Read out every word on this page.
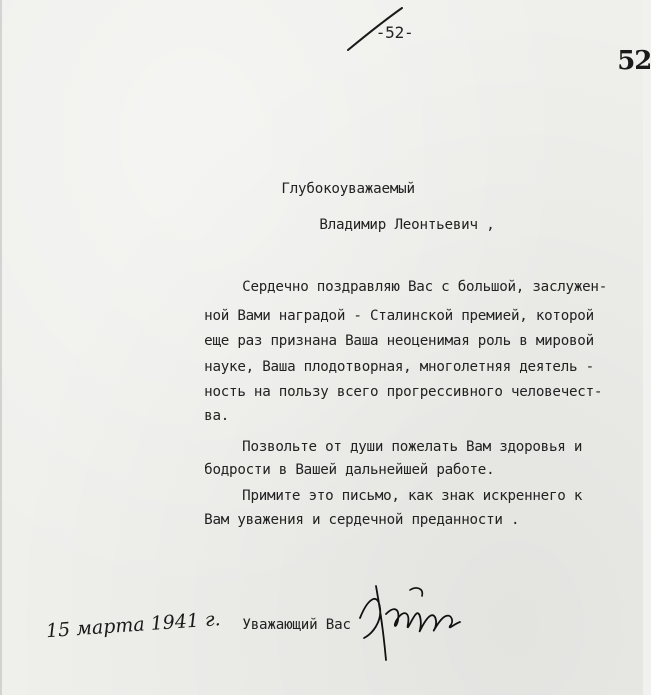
-52-

52

Глубокоуважаемый

Владимир Леонтьевич ,

Сердечно поздравляю Вас с большой, заслужен-

ной Вами наградой - Сталинской премией, которой

еще раз признана Ваша неоценимая роль в мировой

науке, Ваша плодотворная, многолетняя деятель -

ность на пользу всего прогрессивного человечест-

ва.

Позвольте от души пожелать Вам здоровья и

бодрости в Вашей дальнейшей работе.

Примите это письмо, как знак искреннего к

Вам уважения и сердечной преданности .

15 марта 1941 г.
	Уважающий Вас
